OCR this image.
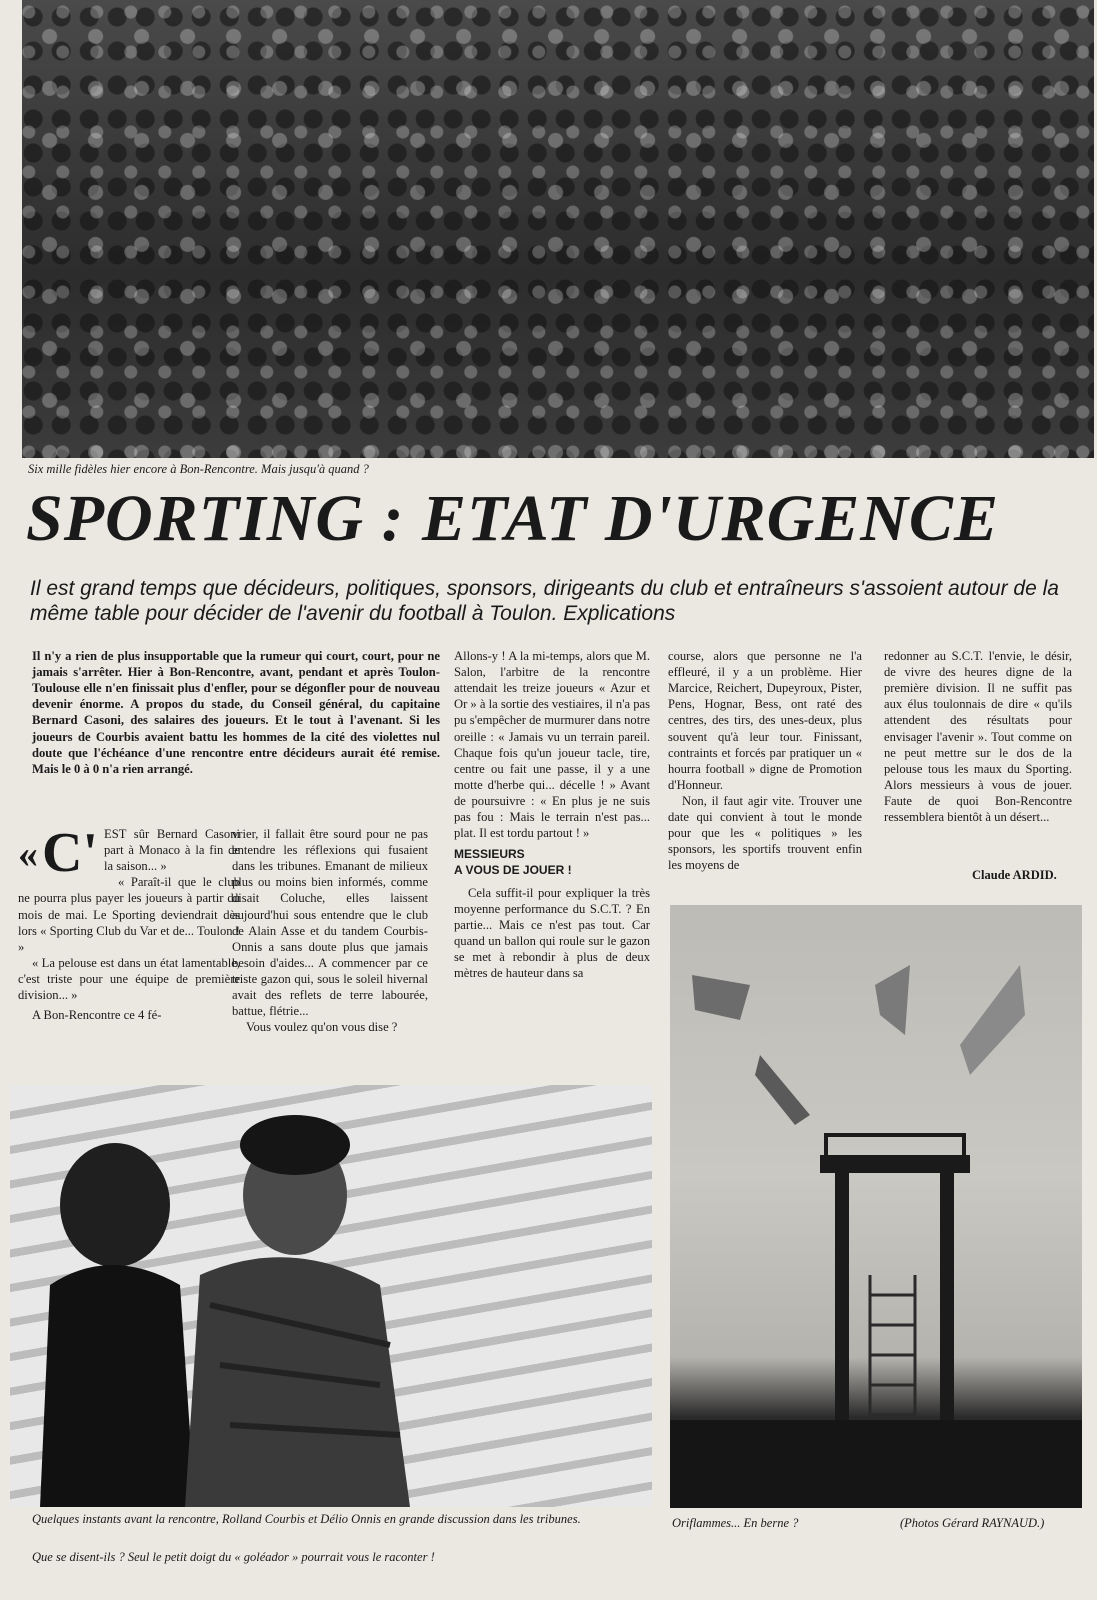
Six mille fidèles hier encore à Bon-Rencontre. Mais jusqu'à quand ?
SPORTING : ETAT D'URGENCE
Il est grand temps que décideurs, politiques, sponsors, dirigeants du club et entraîneurs s'assoient autour de la même table pour décider de l'avenir du football à Toulon. Explications
Il n'y a rien de plus insupportable que la rumeur qui court, court, pour ne jamais s'arrêter. Hier à Bon-Rencontre, avant, pendant et après Toulon-Toulouse elle n'en finissait plus d'enfler, pour se dégonfler pour de nouveau devenir énorme. A propos du stade, du Conseil général, du capitaine Bernard Casoni, des salaires des joueurs. Et le tout à l'avenant. Si les joueurs de Courbis avaient battu les hommes de la cité des violettes nul doute que l'échéance d'une rencontre entre décideurs aurait été remise. Mais le 0 à 0 n'a rien arrangé.

« C' EST sûr Bernard Casoni part à Monaco à la fin de la saison... »

« Paraît-il que le club ne pourra plus payer les joueurs à partir du mois de mai. Le Sporting deviendrait dès lors « Sporting Club du Var et de... Toulon ! »

« La pelouse est dans un état lamentable, c'est triste pour une équipe de première division... »

A Bon-Rencontre ce 4 fé-

vrier, il fallait être sourd pour ne pas entendre les réflexions qui fusaient dans les tribunes. Emanant de milieux plus ou moins bien informés, comme disait Coluche, elles laissent aujourd'hui sous entendre que le club de Alain Asse et du tandem Courbis-Onnis a sans doute plus que jamais besoin d'aides... A commencer par ce triste gazon qui, sous le soleil hivernal avait des reflets de terre labourée, battue, flétrie...

Vous voulez qu'on vous dise ?

Allons-y ! A la mi-temps, alors que M. Salon, l'arbitre de la rencontre attendait les treize joueurs « Azur et Or » à la sortie des vestiaires, il n'a pas pu s'empêcher de murmurer dans notre oreille : « Jamais vu un terrain pareil. Chaque fois qu'un joueur tacle, tire, centre ou fait une passe, il y a une motte d'herbe qui... décelle ! » Avant de poursuivre : « En plus je ne suis pas fou : Mais le terrain n'est pas... plat. Il est tordu partout ! »

MESSIEURS
A VOUS DE JOUER !

Cela suffit-il pour expliquer la très moyenne performance du S.C.T. ? En partie... Mais ce n'est pas tout. Car quand un ballon qui roule sur le gazon se met à rebondir à plus de deux mètres de hauteur dans sa

course, alors que personne ne l'a effleuré, il y a un problème. Hier Marcice, Reichert, Dupeyroux, Pister, Pens, Hognar, Bess, ont raté des centres, des tirs, des unes-deux, plus souvent qu'à leur tour. Finissant, contraints et forcés par pratiquer un « hourra football » digne de Promotion d'Honneur.

Non, il faut agir vite. Trouver une date qui convient à tout le monde pour que les « politiques » les sponsors, les sportifs trouvent enfin les moyens de

redonner au S.C.T. l'envie, le désir, de vivre des heures digne de la première division. Il ne suffit pas aux élus toulonnais de dire « qu'ils attendent des résultats pour envisager l'avenir ». Tout comme on ne peut mettre sur le dos de la pelouse tous les maux du Sporting. Alors messieurs à vous de jouer. Faute de quoi Bon-Rencontre ressemblera bientôt à un désert...

Claude ARDID.
Oriflammes... En berne ?	(Photos Gérard RAYNAUD.)
Quelques instants avant la rencontre, Rolland Courbis et Délio Onnis en grande discussion dans les tribunes.
Que se disent-ils ? Seul le petit doigt du « goléador » pourrait vous le raconter !
